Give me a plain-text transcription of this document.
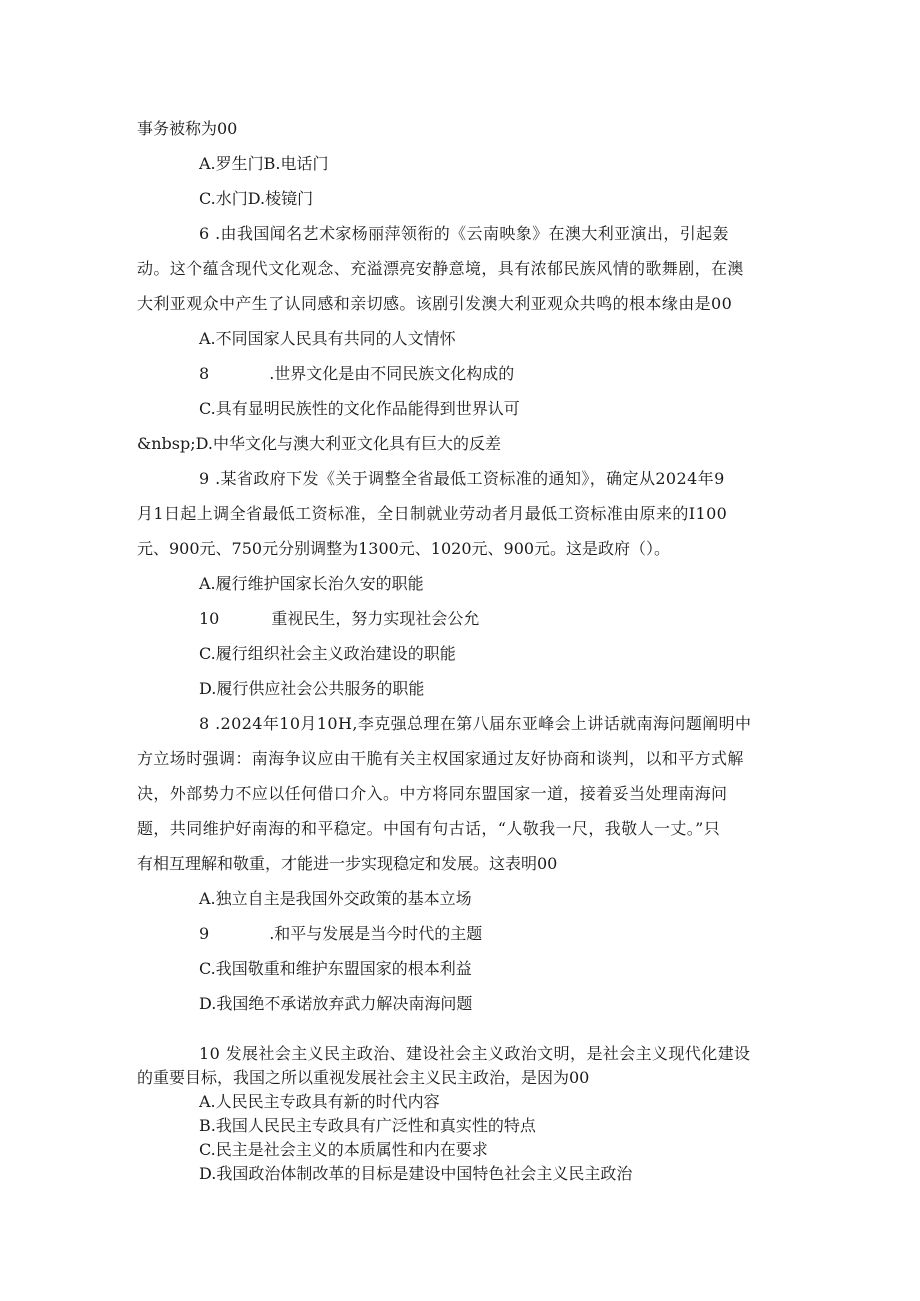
事务被称为00
A.罗生门B.电话门
C.水门D.棱镜门
6 .由我国闻名艺术家杨丽萍领衔的《云南映象》在澳大利亚演出，引起轰
动。这个蕴含现代文化观念、充溢漂亮安静意境，具有浓郁民族风情的歌舞剧，在澳
大利亚观众中产生了认同感和亲切感。该剧引发澳大利亚观众共鸣的根本缘由是00
A.不同国家人民具有共同的人文情怀
8	.世界文化是由不同民族文化构成的
C.具有显明民族性的文化作品能得到世界认可
&nbsp;D.中华文化与澳大利亚文化具有巨大的反差
9 .某省政府下发《关于调整全省最低工资标准的通知》，确定从2024年9
月1日起上调全省最低工资标准，全日制就业劳动者月最低工资标准由原来的I100
元、900元、750元分别调整为1300元、1020元、900元。这是政府（）。
A.履行维护国家长治久安的职能
10	重视民生，努力实现社会公允
C.履行组织社会主义政治建设的职能
D.履行供应社会公共服务的职能
8 .2024年10月10H,李克强总理在第八届东亚峰会上讲话就南海问题阐明中
方立场时强调：南海争议应由干脆有关主权国家通过友好协商和谈判，以和平方式解
决，外部势力不应以任何借口介入。中方将同东盟国家一道，接着妥当处理南海问
题，共同维护好南海的和平稳定。中国有句古话，“人敬我一尺，我敬人一丈。”只
有相互理解和敬重，才能进一步实现稳定和发展。这表明00
A.独立自主是我国外交政策的基本立场
9	.和平与发展是当今时代的主题
C.我国敬重和维护东盟国家的根本利益
D.我国绝不承诺放弃武力解决南海问题
10 发展社会主义民主政治、建设社会主义政治文明，是社会主义现代化建设
的重要目标，我国之所以重视发展社会主义民主政治，是因为00
A.人民民主专政具有新的时代内容
B.我国人民民主专政具有广泛性和真实性的特点
C.民主是社会主义的本质属性和内在要求
D.我国政治体制改革的目标是建设中国特色社会主义民主政治
